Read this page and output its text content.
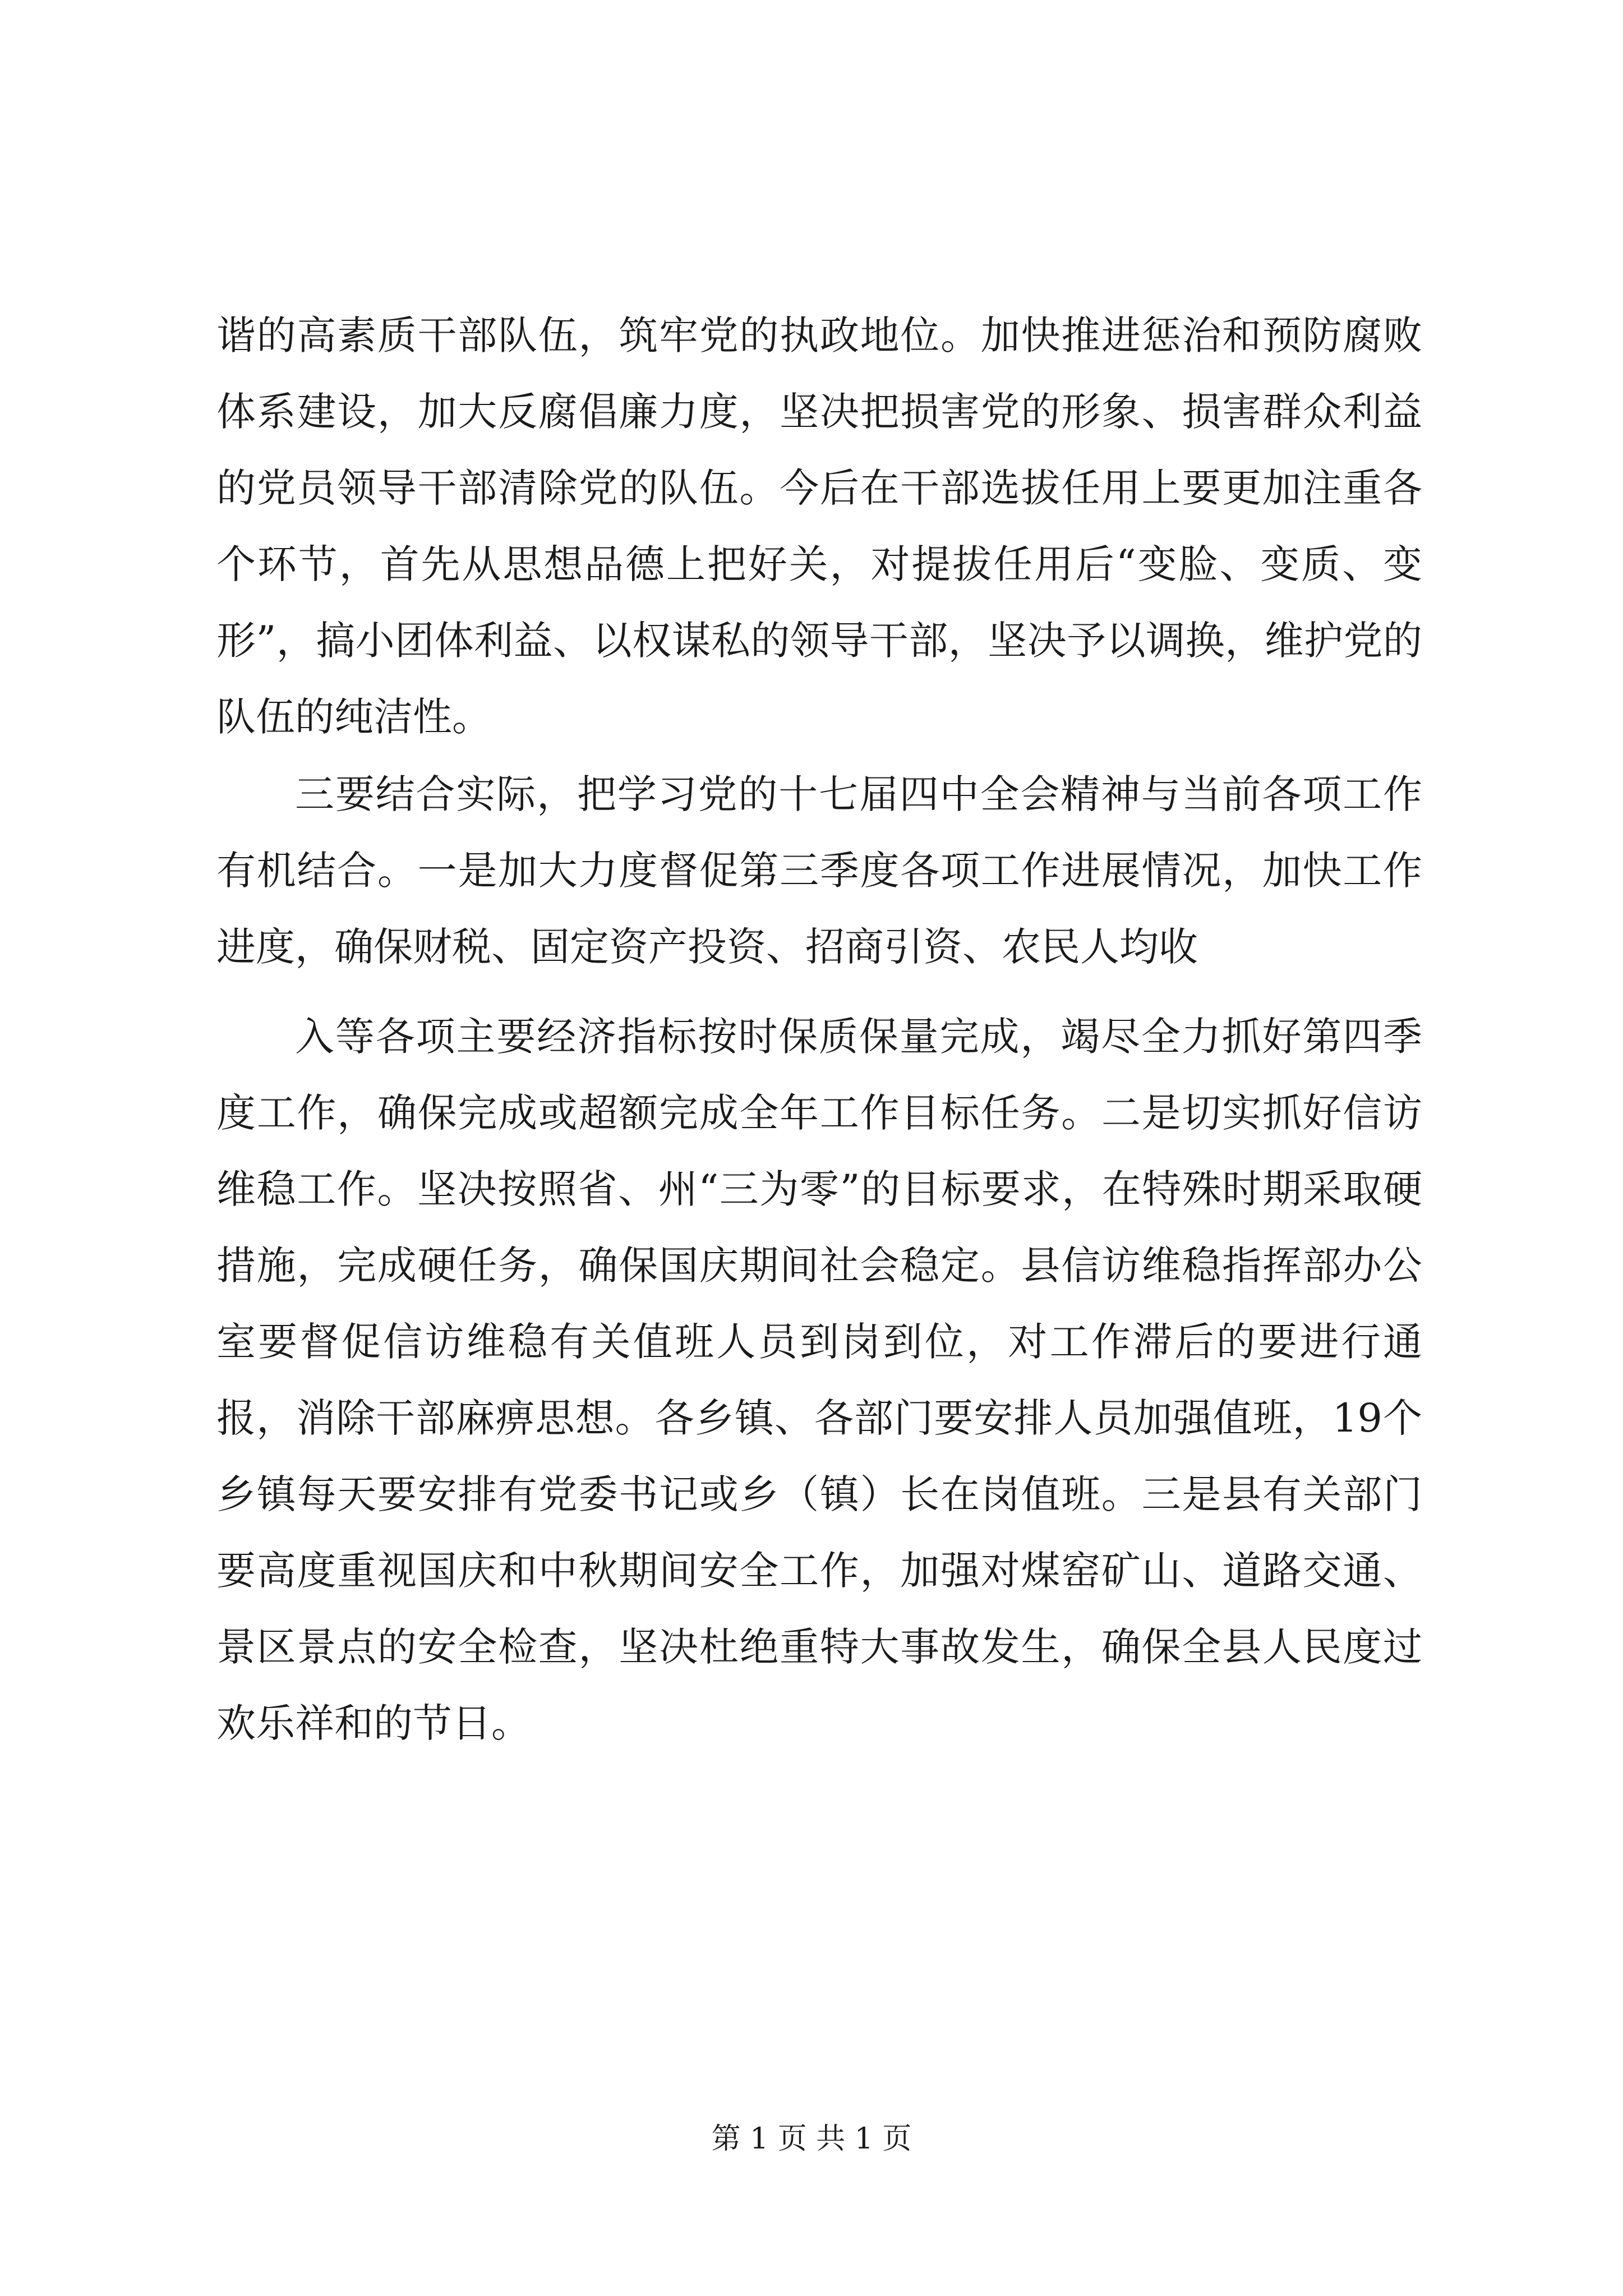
谐的高素质干部队伍，筑牢党的执政地位。加快推进惩治和预防腐败体系建设，加大反腐倡廉力度，坚决把损害党的形象、损害群众利益的党员领导干部清除党的队伍。今后在干部选拔任用上要更加注重各个环节，首先从思想品德上把好关，对提拔任用后“变脸、变质、变形”，搞小团体利益、以权谋私的领导干部，坚决予以调换，维护党的队伍的纯洁性。

三要结合实际，把学习党的十七届四中全会精神与当前各项工作有机结合。一是加大力度督促第三季度各项工作进展情况，加快工作进度，确保财税、固定资产投资、招商引资、农民人均收

入等各项主要经济指标按时保质保量完成，竭尽全力抓好第四季度工作，确保完成或超额完成全年工作目标任务。二是切实抓好信访维稳工作。坚决按照省、州“三为零”的目标要求，在特殊时期采取硬措施，完成硬任务，确保国庆期间社会稳定。县信访维稳指挥部办公室要督促信访维稳有关值班人员到岗到位，对工作滞后的要进行通报，消除干部麻痹思想。各乡镇、各部门要安排人员加强值班，19个乡镇每天要安排有党委书记或乡（镇）长在岗值班。三是县有关部门要高度重视国庆和中秋期间安全工作，加强对煤窑矿山、道路交通、景区景点的安全检查，坚决杜绝重特大事故发生，确保全县人民度过欢乐祥和的节日。

第 1 页 共 1 页
